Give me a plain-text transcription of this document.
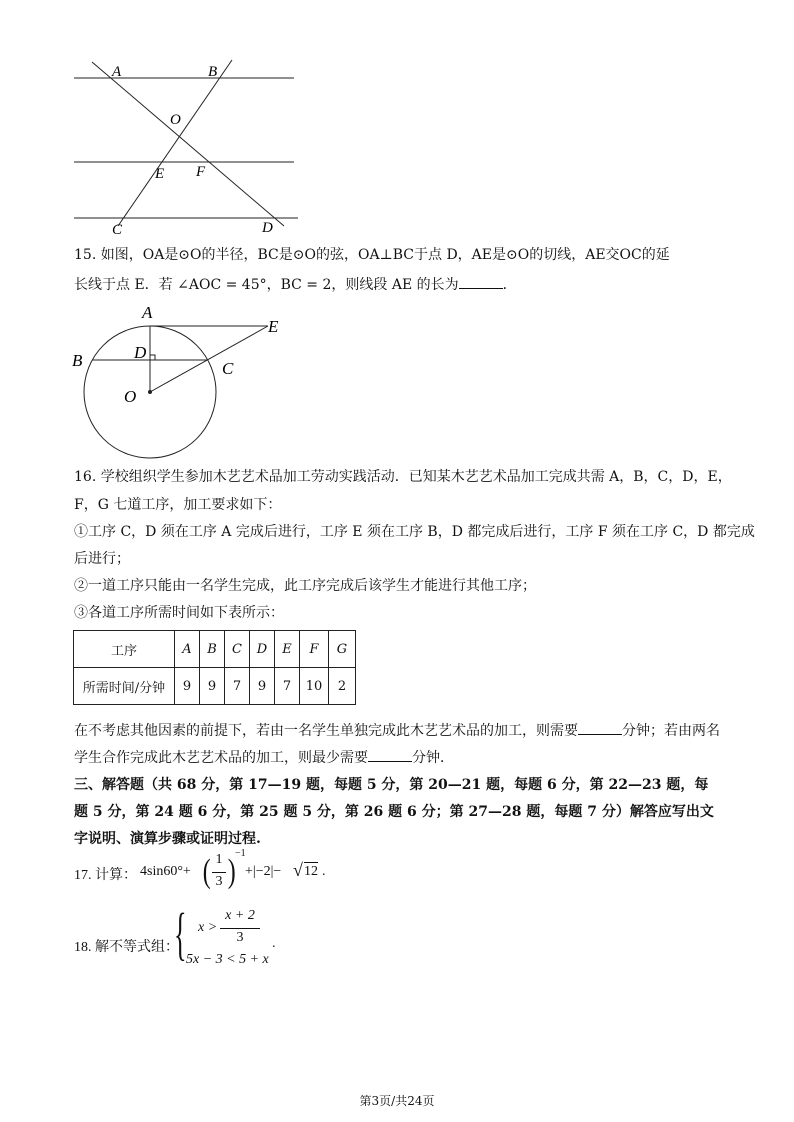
A	B
O
E F
C	D
15. 如图，OA是⊙O的半径，BC是⊙O的弦，OA⊥BC于点 D，AE是⊙O的切线，AE交OC的延
长线于点 E．若 ∠AOC = 45°，BC = 2，则线段 AE 的长为	．
A
E
B	D
C
O
16. 学校组织学生参加木艺艺术品加工劳动实践活动．已知某木艺艺术品加工完成共需 A，B，C，D，E，
F，G 七道工序，加工要求如下：
①工序 C，D 须在工序 A 完成后进行，工序 E 须在工序 B，D 都完成后进行，工序 F 须在工序 C，D 都完成
后进行；
②一道工序只能由一名学生完成，此工序完成后该学生才能进行其他工序；
③各道工序所需时间如下表所示：
工序	A	B	C	D	E	F	G
所需时间/分钟	9	9	7	9	7	10	2
在不考虑其他因素的前提下，若由一名学生单独完成此木艺艺术品的加工，则需要	分钟；若由两名
学生合作完成此木艺艺术品的加工，则最少需要	分钟．
三、解答题（共 68 分，第 17—19 题，每题 5 分，第 20—21 题，每题 6 分，第 22—23 题，每
题 5 分，第 24 题 6 分，第 25 题 5 分，第 26 题 6 分；第 27—28 题，每题 7 分）解答应写出文
字说明、演算步骤或证明过程.
17. 计算： 4sin60°+ ( 1
3 ) −1
+|−2|− √ 12 .
18. 解不等式组：
{ x >
x + 2
3
5x − 3 < 5 + x
.
第3页/共24页
